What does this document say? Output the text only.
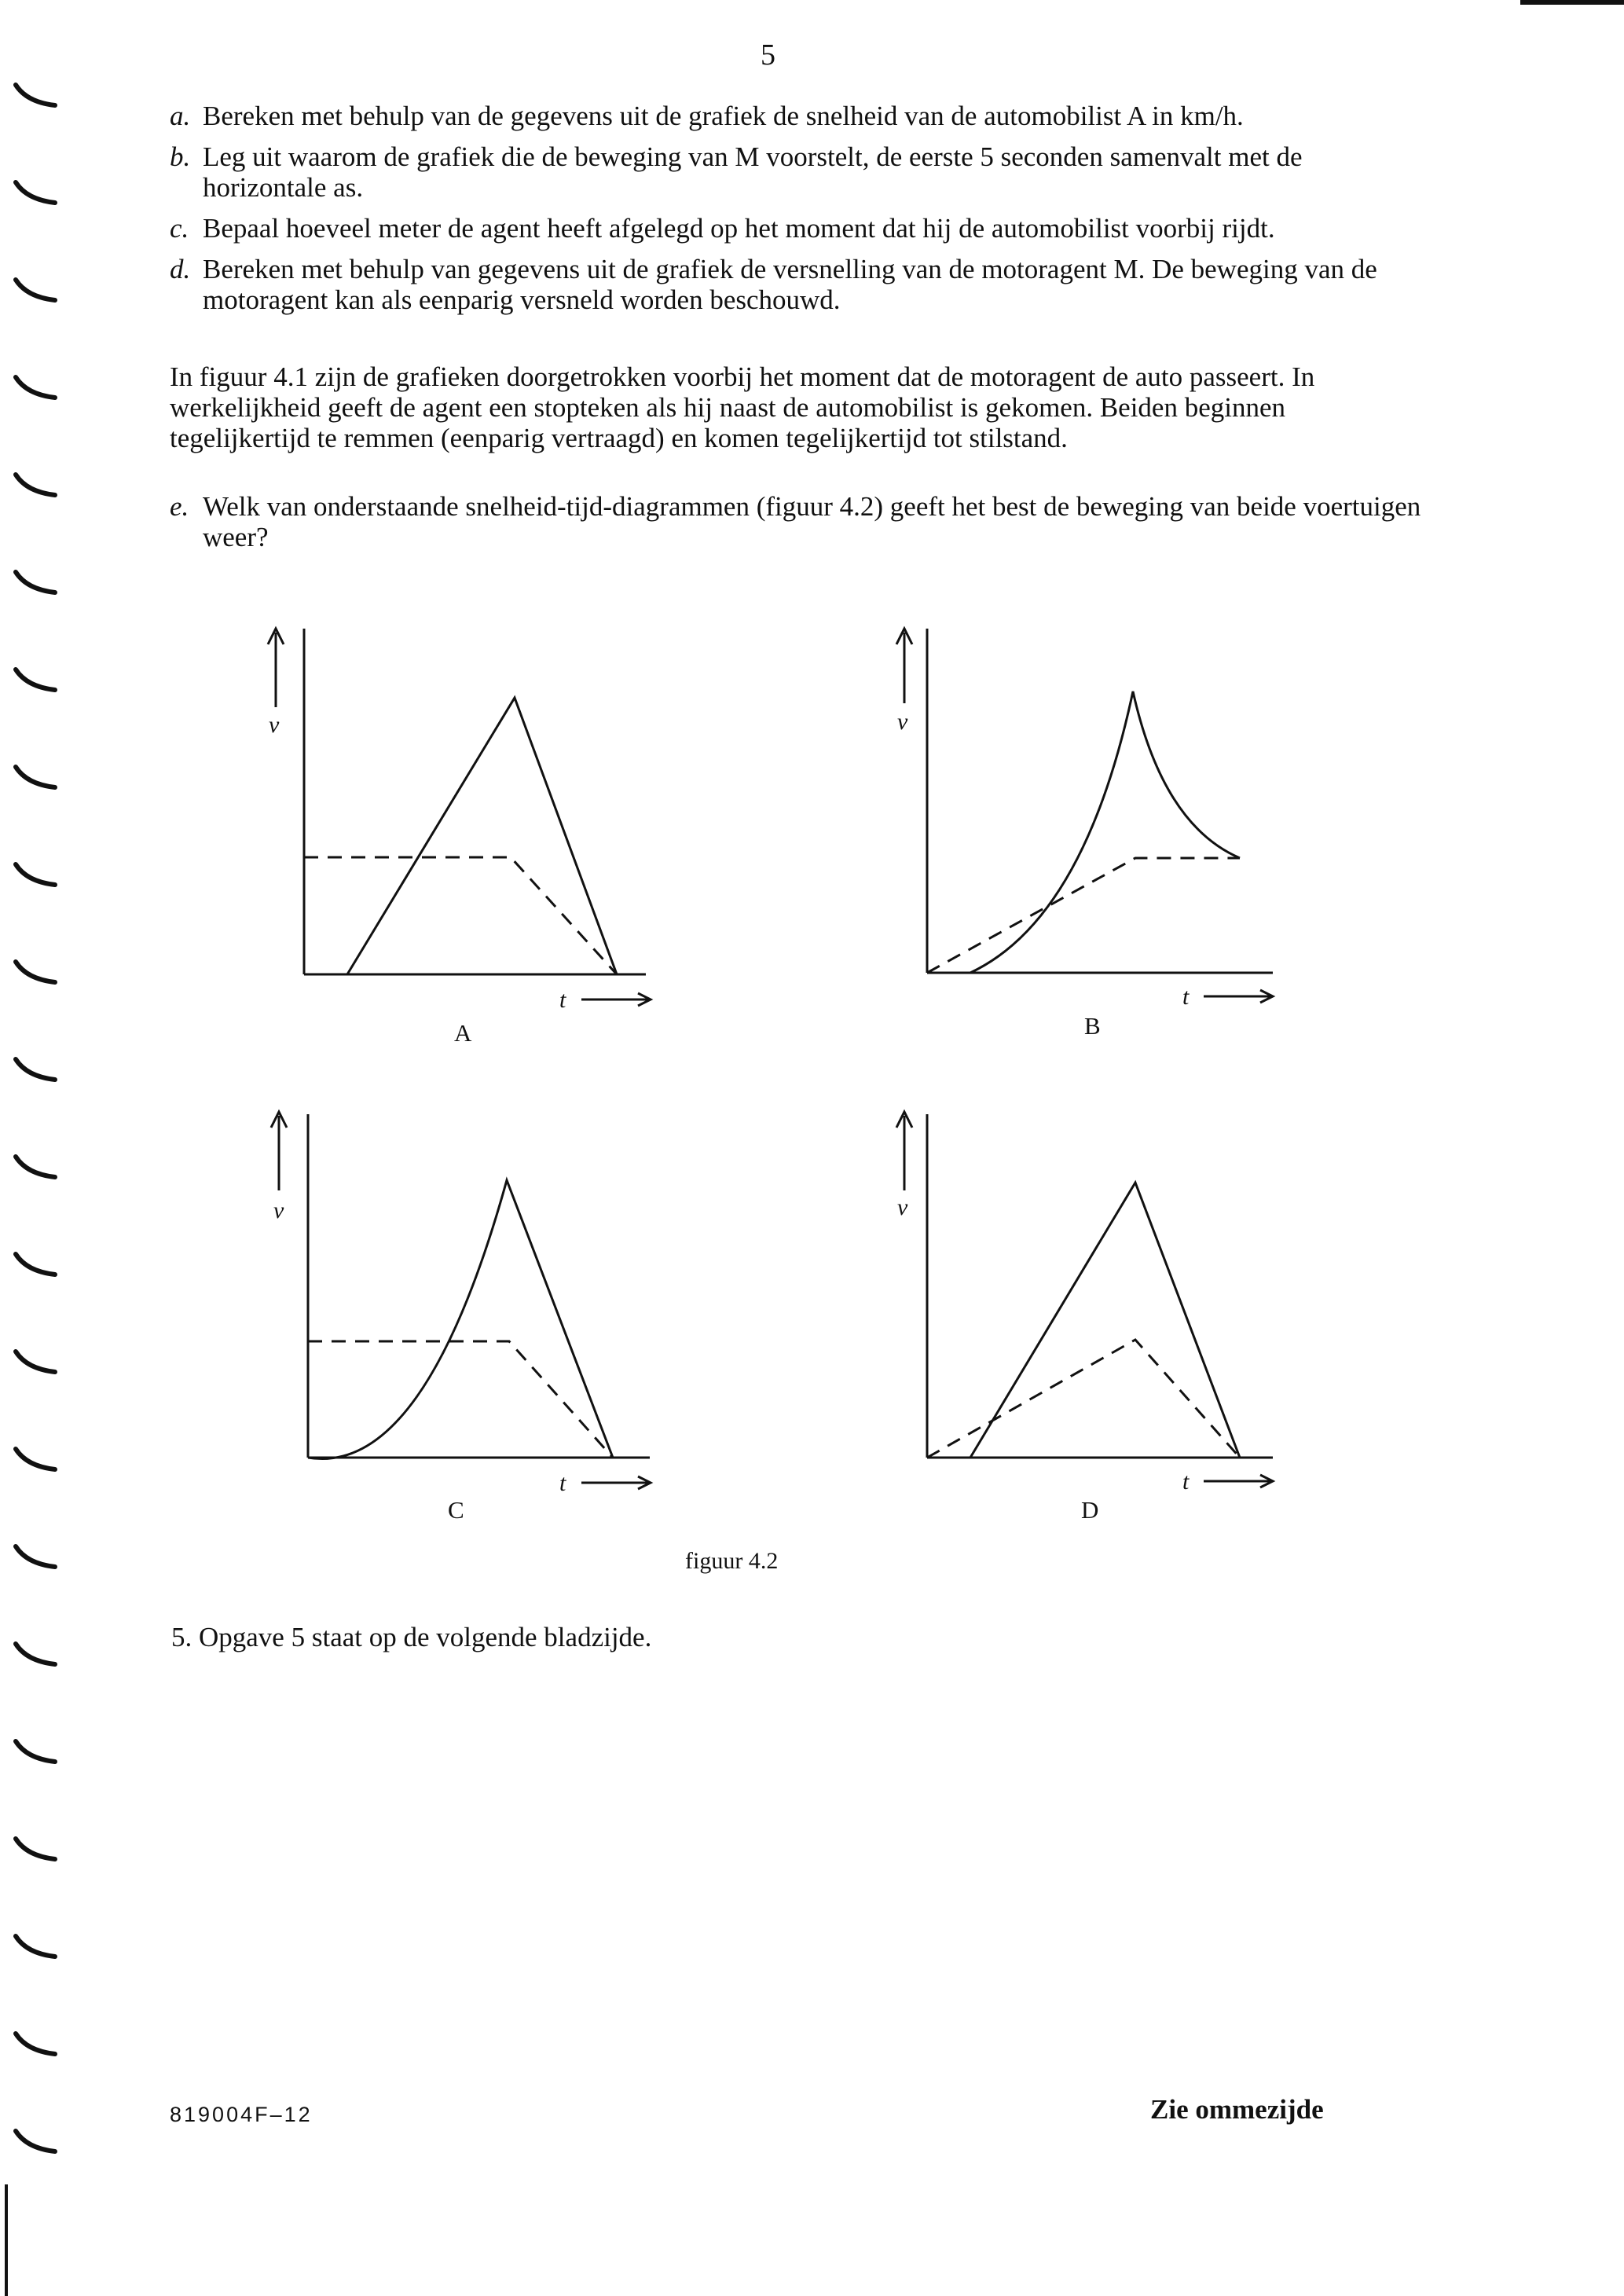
5
a. Bereken met behulp van de gegevens uit de grafiek de snelheid van de automobilist A in km/h.
b. Leg uit waarom de grafiek die de beweging van M voorstelt, de eerste 5 seconden samenvalt met de horizontale as.
c. Bepaal hoeveel meter de agent heeft afgelegd op het moment dat hij de automobilist voorbij rijdt.
d. Bereken met behulp van gegevens uit de grafiek de versnelling van de motoragent M. De beweging van de motoragent kan als eenparig versneld worden beschouwd.
In figuur 4.1 zijn de grafieken doorgetrokken voorbij het moment dat de motoragent de auto passeert. In werkelijkheid geeft de agent een stopteken als hij naast de automobilist is gekomen. Beiden beginnen tegelijkertijd te remmen (eenparig vertraagd) en komen tegelijkertijd tot stilstand.
e. Welk van onderstaande snelheid-tijd-diagrammen (figuur 4.2) geeft het best de beweging van beide voertuigen weer?
v
t
A
v
t
B
v
t
C
v
t
D
figuur 4.2
5. Opgave 5 staat op de volgende bladzijde.
819004F–12	Zie ommezijde
